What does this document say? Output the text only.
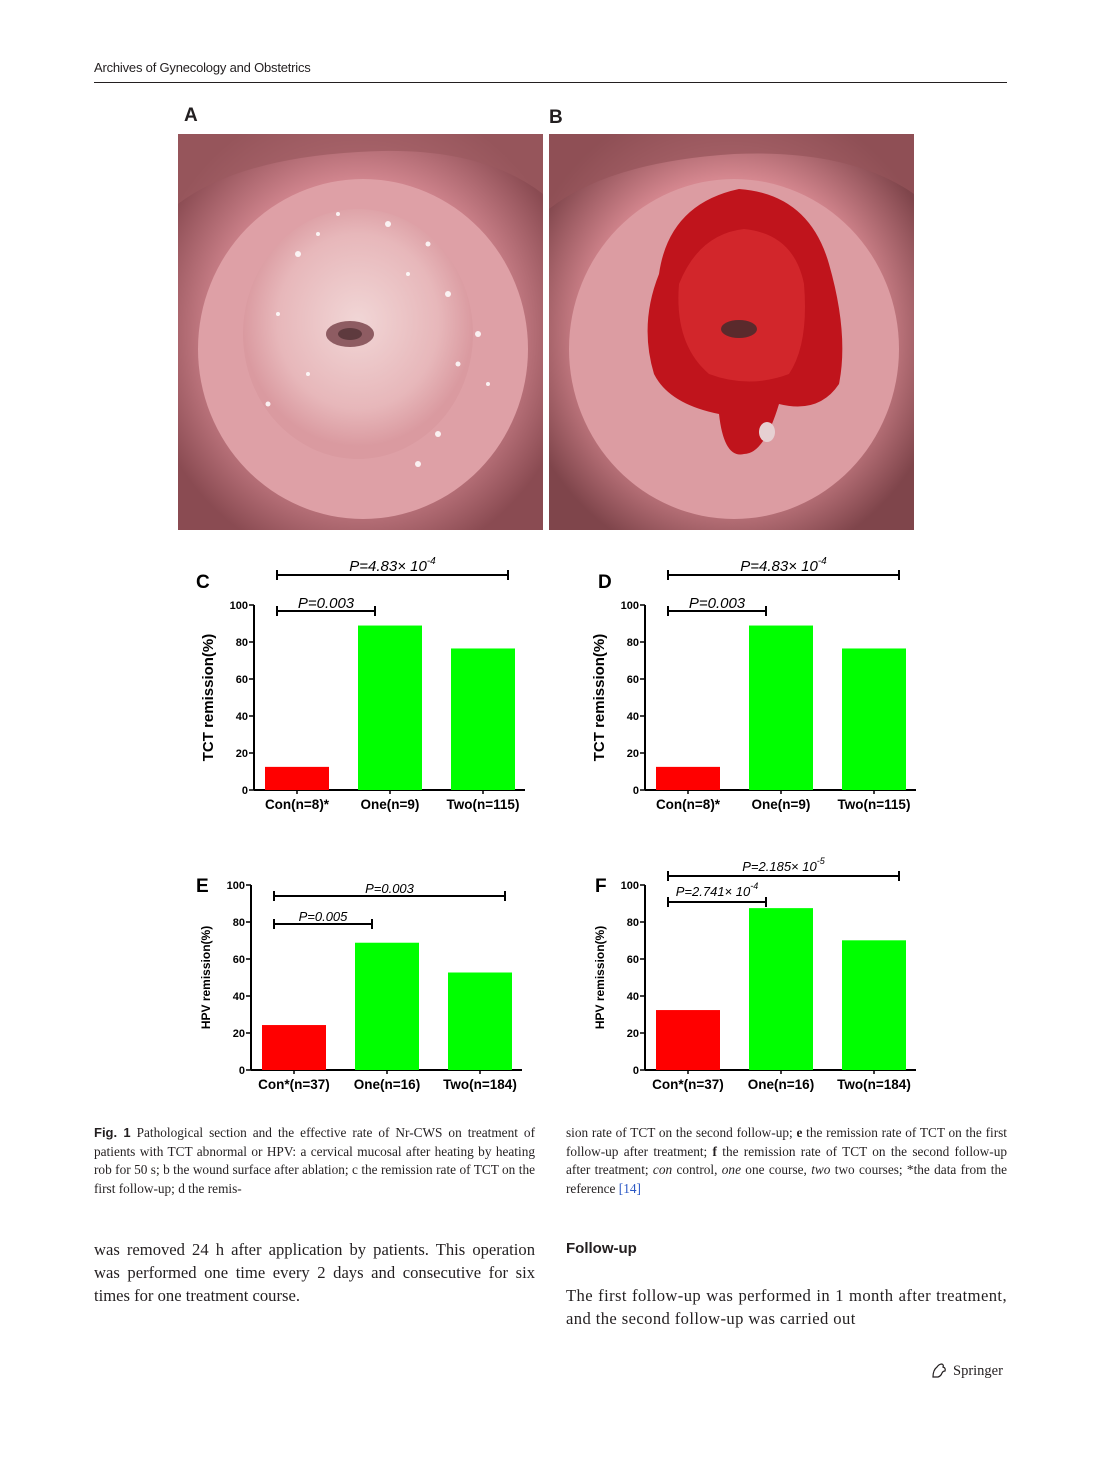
Archives of Gynecology and Obstetrics
A	B
C
0
20
40
60
80
100
TCT remission(%)
Con(n=8)* One(n=9) Two(n=115)
$P=4.83\times 10^{-4}$
P=0.003
D
0
20
40
60
80
100
TCT remission(%)
Con(n=8)* One(n=9) Two(n=115)
$P=4.83\times 10^{-4}$
P=0.003
E
0
20
40
60
80
100
HPV remission(%)
Con*(n=37) One(n=16) Two(n=184)
P=0.003
P=0.005
F
0
20
40
60
80
100
HPV remission(%)
Con*(n=37) One(n=16) Two(n=184)
$P=2.185\times 10^{-5}$
$P=2.741\times 10^{-4}$
Fig. 1 Pathological section and the effective rate of Nr-CWS on treatment of patients with TCT abnormal or HPV: a cervical mucosal after heating by heating rob for 50 s; b the wound surface after ablation; c the remission rate of TCT on the first follow-up; d the remis-
sion rate of TCT on the second follow-up; e the remission rate of TCT on the first follow-up after treatment; f the remission rate of TCT on the second follow-up after treatment; con control, one one course, two two courses; *the data from the reference [14]
was removed 24 h after application by patients. This operation was performed one time every 2 days and consecutive for six times for one treatment course.
Follow-up
The first follow-up was performed in 1 month after treatment, and the second follow-up was carried out
Springer
